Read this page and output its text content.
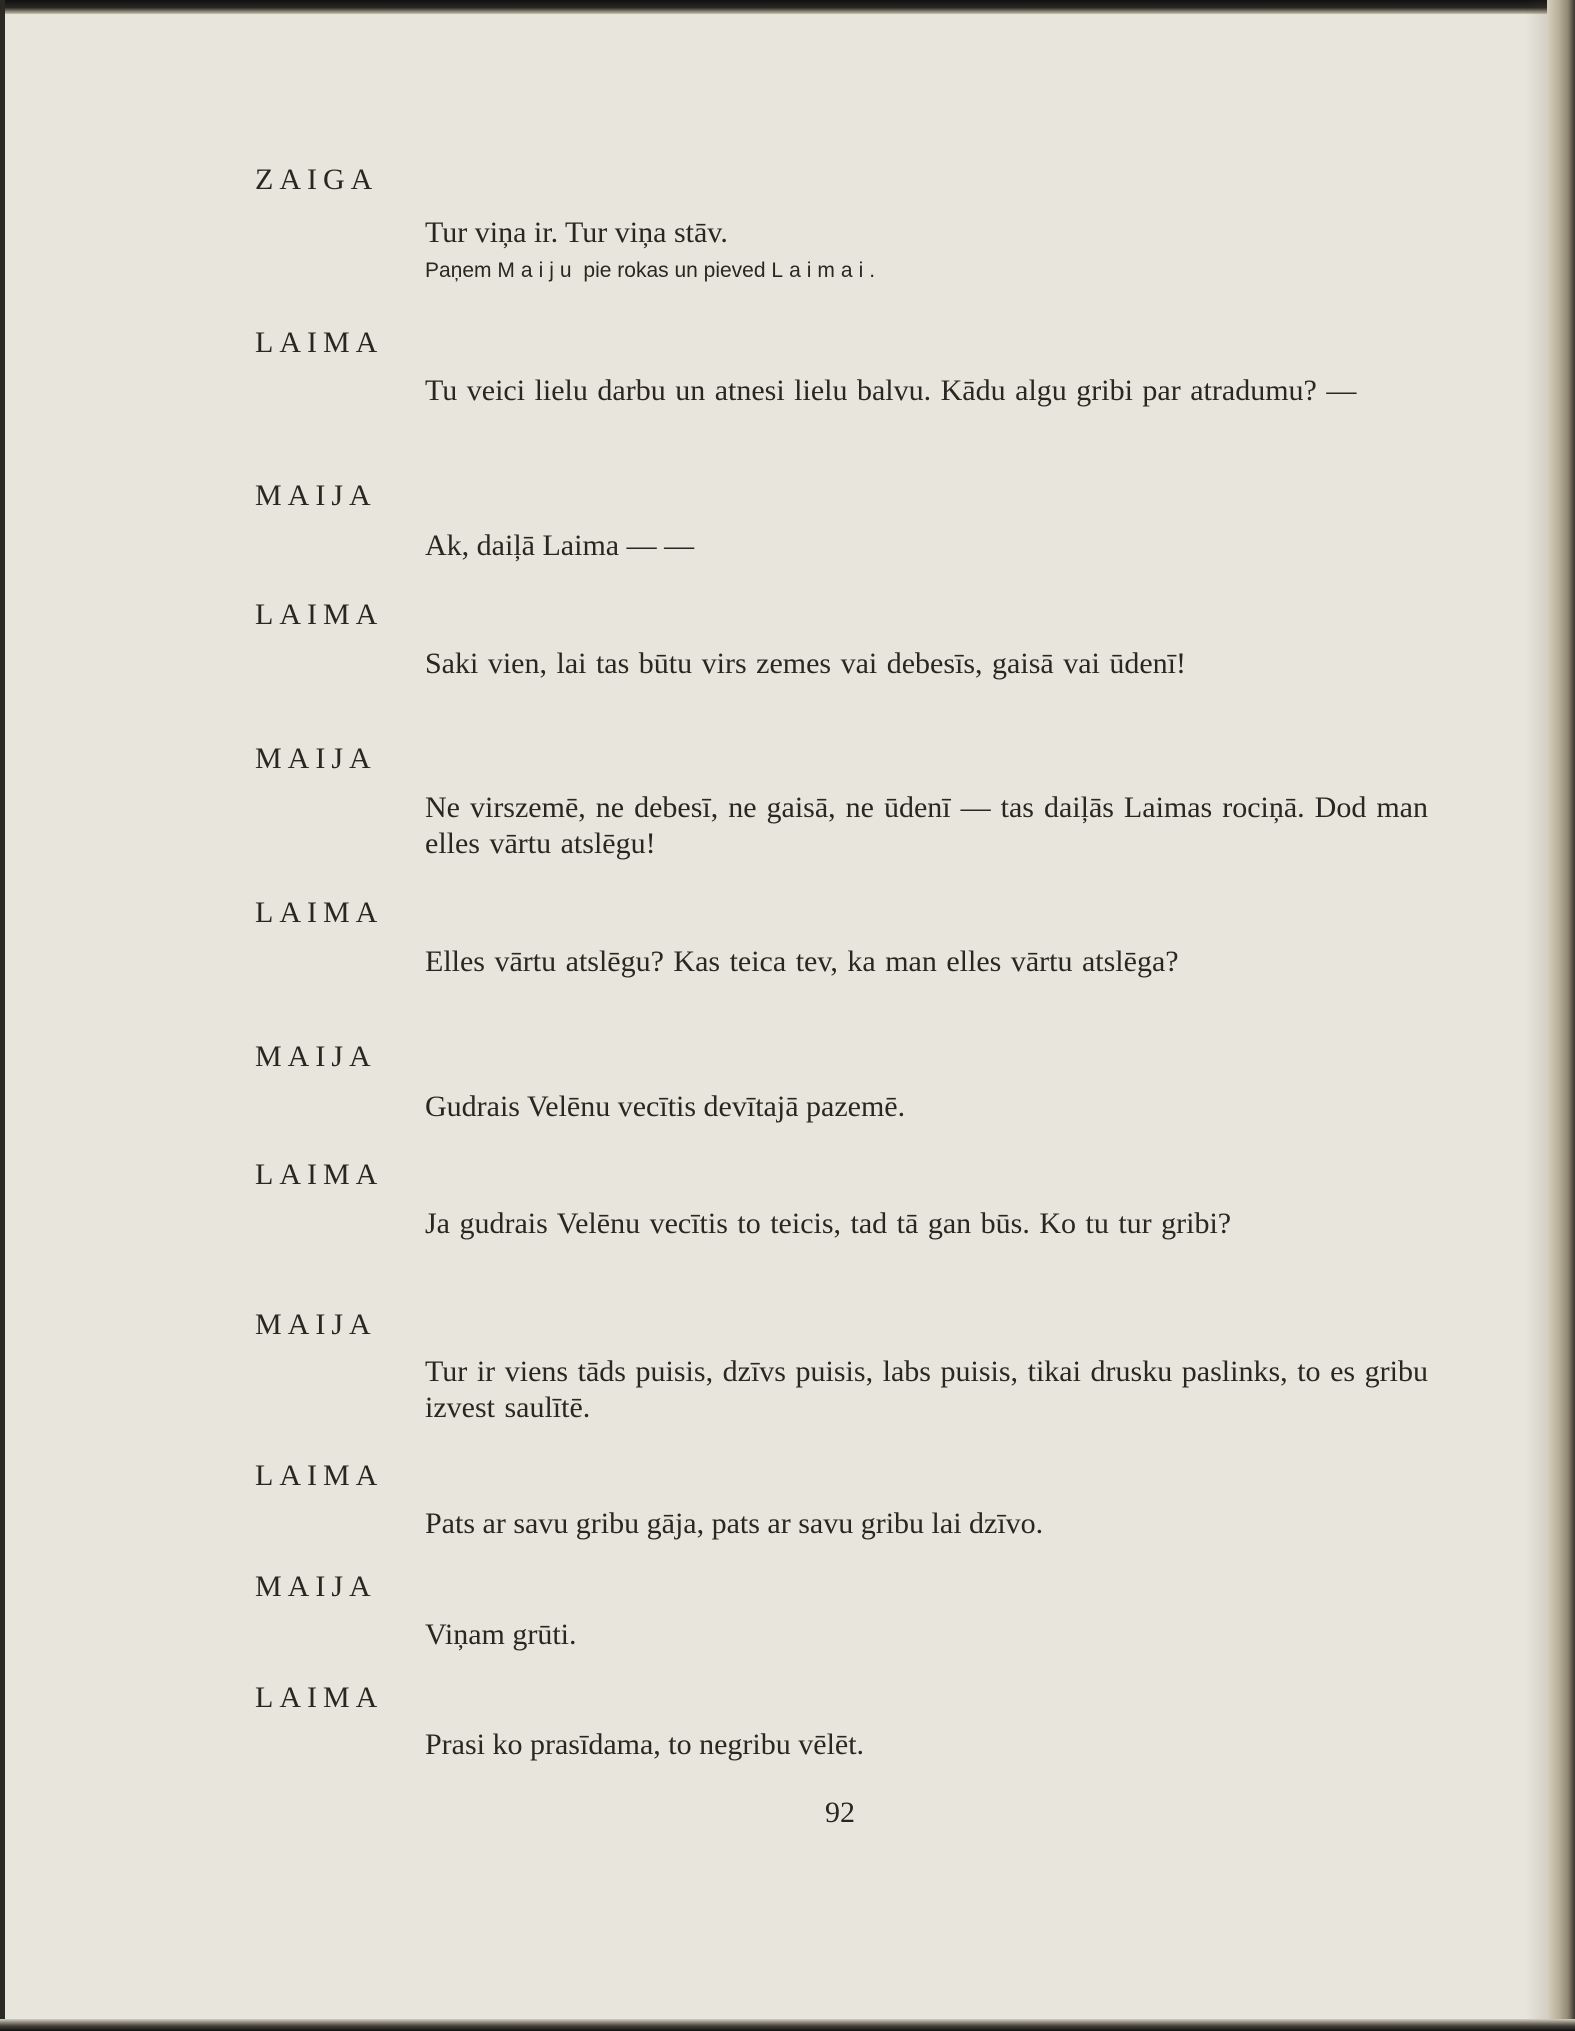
ZAIGA
Tur viņa ir. Tur viņa stāv.
Paņem Maiju pie rokas un pieved Laimai.
LAIMA
Tu veici lielu darbu un atnesi lielu balvu. Kādu algu gribi par atradumu? —
MAIJA
Ak, daiļā Laima — —
LAIMA
Saki vien, lai tas būtu virs zemes vai debesīs, gaisā vai ūdenī!
MAIJA
Ne virszemē, ne debesī, ne gaisā, ne ūdenī — tas daiļās Laimas rociņā. Dod man elles vārtu atslēgu!
LAIMA
Elles vārtu atslēgu? Kas teica tev, ka man elles vārtu atslēga?
MAIJA
Gudrais Velēnu vecītis devītajā pazemē.
LAIMA
Ja gudrais Velēnu vecītis to teicis, tad tā gan būs. Ko tu tur gribi?
MAIJA
Tur ir viens tāds puisis, dzīvs puisis, labs puisis, tikai drusku paslinks, to es gribu izvest saulītē.
LAIMA
Pats ar savu gribu gāja, pats ar savu gribu lai dzīvo.
MAIJA
Viņam grūti.
LAIMA
Prasi ko prasīdama, to negribu vēlēt.
92
